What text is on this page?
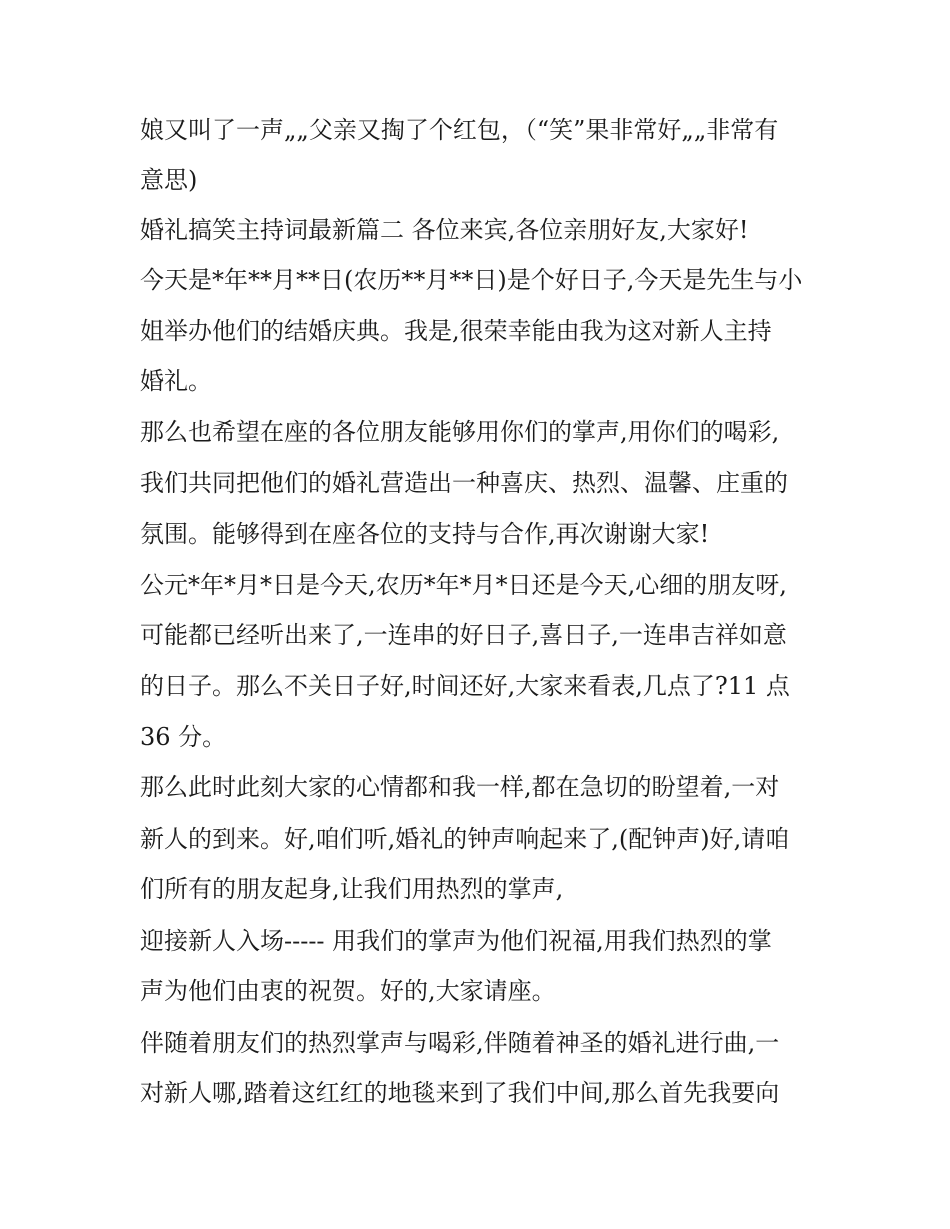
娘又叫了一声„„父亲又掏了个红包，（“笑”果非常好„„非常有
意思)
婚礼搞笑主持词最新篇二 各位来宾,各位亲朋好友,大家好!
今天是*年**月**日(农历**月**日)是个好日子,今天是先生与小
姐举办他们的结婚庆典。我是,很荣幸能由我为这对新人主持
婚礼。
那么也希望在座的各位朋友能够用你们的掌声,用你们的喝彩,
我们共同把他们的婚礼营造出一种喜庆、热烈、温馨、庄重的
氛围。能够得到在座各位的支持与合作,再次谢谢大家!
公元*年*月*日是今天,农历*年*月*日还是今天,心细的朋友呀,
可能都已经听出来了,一连串的好日子,喜日子,一连串吉祥如意
的日子。那么不关日子好,时间还好,大家来看表,几点了?11 点
36 分。
那么此时此刻大家的心情都和我一样,都在急切的盼望着,一对
新人的到来。好,咱们听,婚礼的钟声响起来了,(配钟声)好,请咱
们所有的朋友起身,让我们用热烈的掌声,
迎接新人入场----- 用我们的掌声为他们祝福,用我们热烈的掌
声为他们由衷的祝贺。好的,大家请座。
伴随着朋友们的热烈掌声与喝彩,伴随着神圣的婚礼进行曲,一
对新人哪,踏着这红红的地毯来到了我们中间,那么首先我要向
